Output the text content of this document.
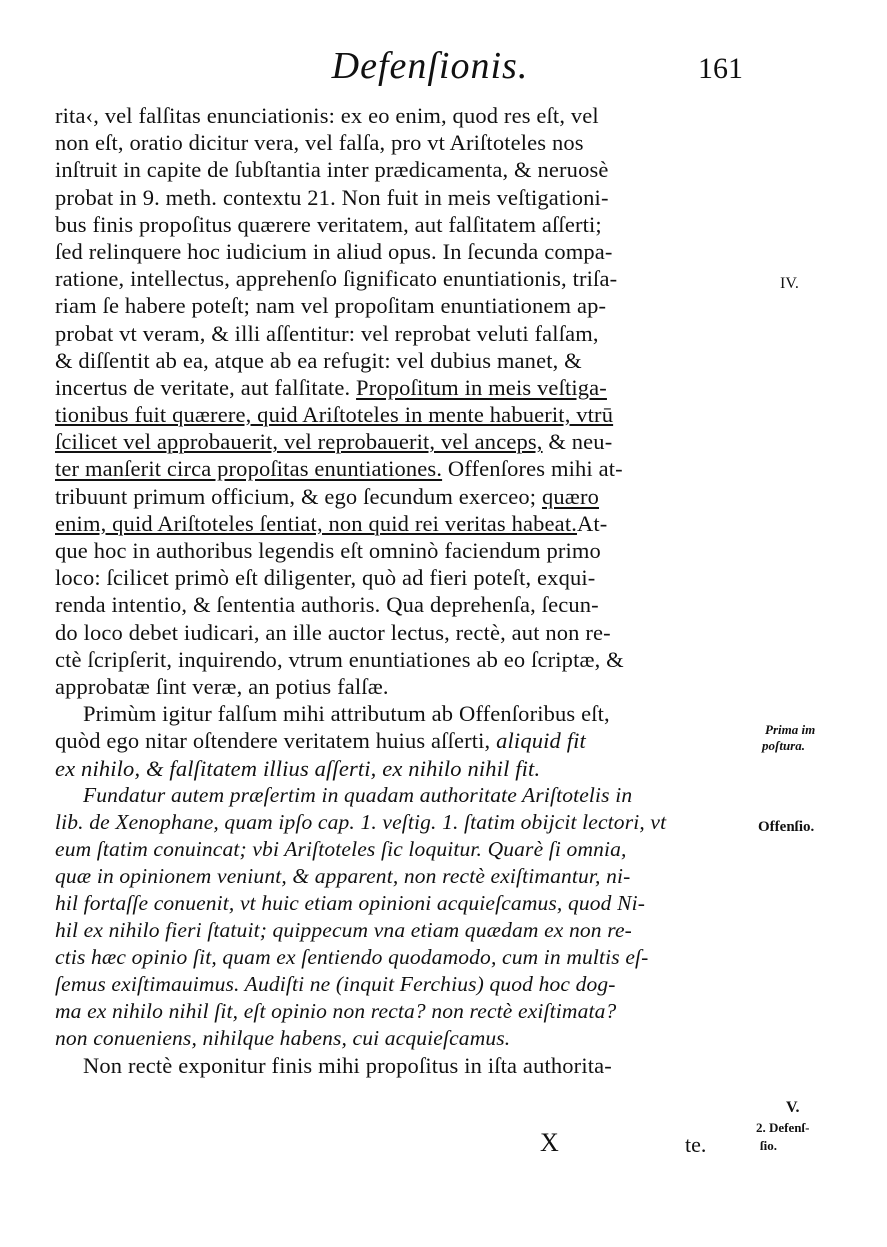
Defenſionis.	161
rita‹, vel falſitas enunciationis: ex eo enim, quod res eſt, vel
non eſt, oratio dicitur vera, vel falſa, pro vt Ariſtoteles nos
inſtruit in capite de ſubſtantia inter prædicamenta, & neruosè
probat in 9. meth. contextu 21. Non fuit in meis veſtigationi-
bus finis propoſitus quærere veritatem, aut falſitatem aſſerti;
ſed relinquere hoc iudicium in aliud opus. In ſecunda compa-
ratione, intellectus, apprehenſo ſignificato enuntiationis, triſa-
riam ſe habere poteſt; nam vel propoſitam enuntiationem ap-
probat vt veram, & illi aſſentitur: vel reprobat veluti falſam,
& diſſentit ab ea, atque ab ea refugit: vel dubius manet, &
incertus de veritate, aut falſitate. Propoſitum in meis veſtiga-
tionibus fuit quærere, quid Ariſtoteles in mente habuerit, vtrū
ſcilicet vel approbauerit, vel reprobauerit, vel anceps, & neu-
ter manſerit circa propoſitas enuntiationes. Offenſores mihi at-
tribuunt primum officium, & ego ſecundum exerceo; quæro
enim, quid Ariſtoteles ſentiat, non quid rei veritas habeat.At-
que hoc in authoribus legendis eſt omninò faciendum primo
loco: ſcilicet primò eſt diligenter, quò ad fieri poteſt, exqui-
renda intentio, & ſententia authoris. Qua deprehenſa, ſecun-
do loco debet iudicari, an ille auctor lectus, rectè, aut non re-
ctè ſcripſerit, inquirendo, vtrum enuntiationes ab eo ſcriptæ, &
approbatæ ſint veræ, an potius falſæ.
Primùm igitur falſum mihi attributum ab Offenſoribus eſt,
quòd ego nitar oſtendere veritatem huius aſſerti, aliquid fit
ex nihilo, & falſitatem illius aſſerti, ex nihilo nihil fit.
Fundatur autem præſertim in quadam authoritate Ariſtotelis in
lib. de Xenophane, quam ipſo cap. 1. veſtig. 1. ſtatim obijcit lectori, vt
eum ſtatim conuincat; vbi Ariſtoteles ſic loquitur. Quarè ſi omnia,
quæ in opinionem veniunt, & apparent, non rectè exiſtimantur, ni-
hil fortaſſe conuenit, vt huic etiam opinioni acquieſcamus, quod Ni-
hil ex nihilo fieri ſtatuit; quippecum vna etiam quædam ex non re-
ctis hæc opinio ſit, quam ex ſentiendo quodamodo, cum in multis eſ-
ſemus exiſtimauimus. Audiſti ne (inquit Ferchius) quod hoc dog-
ma ex nihilo nihil ſit, eſt opinio non recta? non rectè exiſtimata?
non conueniens, nihilque habens, cui acquieſcamus.
Non rectè exponitur finis mihi propoſitus in iſta authorita-
X	te.
IV.
Prima im
poſtura.
Offenſio.
V.
2. Defenſ-
ſio.
